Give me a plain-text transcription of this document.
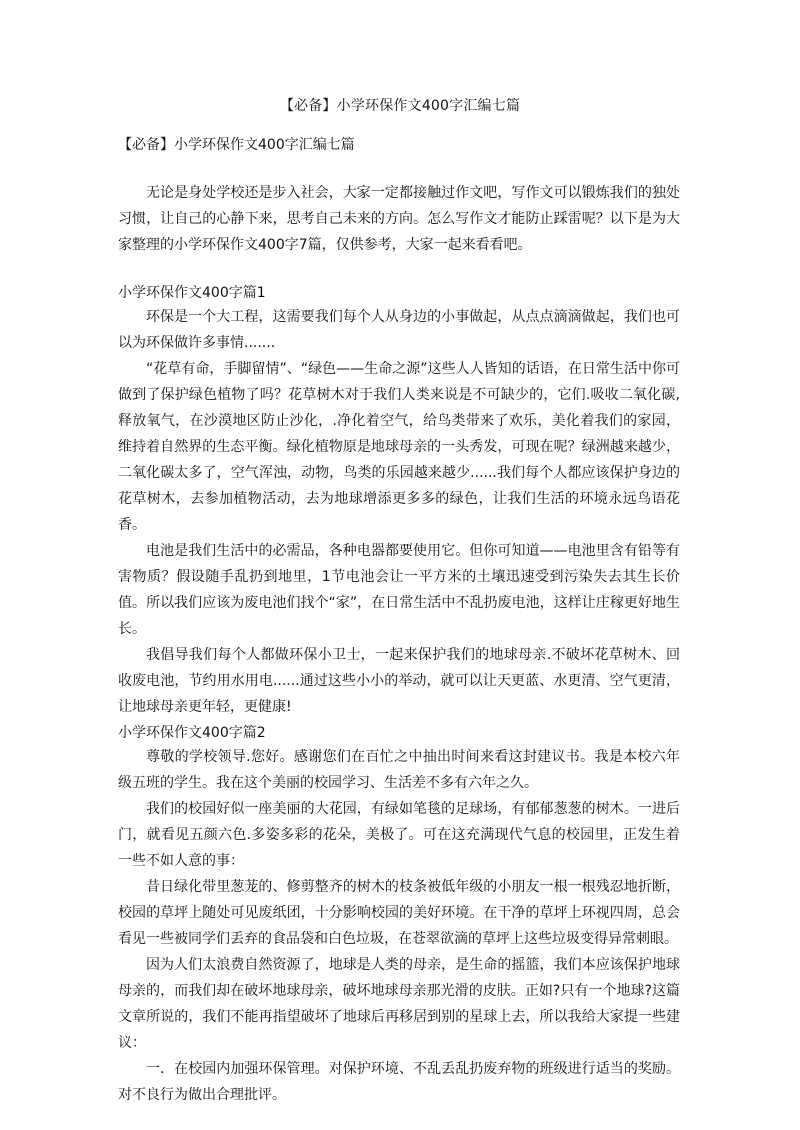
【必备】小学环保作文400字汇编七篇
【必备】小学环保作文400字汇编七篇

无论是身处学校还是步入社会，大家一定都接触过作文吧，写作文可以锻炼我们的独处习惯，让自己的心静下来，思考自己未来的方向。怎么写作文才能防止踩雷呢？以下是为大家整理的小学环保作文400字7篇，仅供参考，大家一起来看看吧。

小学环保作文400字篇1

环保是一个大工程，这需要我们每个人从身边的小事做起，从点点滴滴做起，我们也可以为环保做许多事情.......

“花草有命，手脚留情”、“绿色——生命之源”这些人人皆知的话语，在日常生活中你可做到了保护绿色植物了吗？花草树木对于我们人类来说是不可缺少的，它们.吸收二氧化碳,释放氧气，在沙漠地区防止沙化，.净化着空气，给鸟类带来了欢乐，美化着我们的家园，维持着自然界的生态平衡。绿化植物原是地球母亲的一头秀发，可现在呢？绿洲越来越少，二氧化碳太多了，空气浑浊，动物，鸟类的乐园越来越少......我们每个人都应该保护身边的花草树木，去参加植物活动，去为地球增添更多多的绿色，让我们生活的环境永远鸟语花香。

电池是我们生活中的必需品，各种电器都要使用它。但你可知道——电池里含有铅等有害物质？假设随手乱扔到地里，1节电池会让一平方米的土壤迅速受到污染失去其生长价值。所以我们应该为废电池们找个“家”，在日常生活中不乱扔废电池，这样让庄稼更好地生长。

我倡导我们每个人都做环保小卫士，一起来保护我们的地球母亲.不破坏花草树木、回收废电池，节约用水用电......通过这些小小的举动，就可以让天更蓝、水更清、空气更清，让地球母亲更年轻，更健康!

小学环保作文400字篇2

尊敬的学校领导.您好。感谢您们在百忙之中抽出时间来看这封建议书。我是本校六年级五班的学生。我在这个美丽的校园学习、生活差不多有六年之久。

我们的校园好似一座美丽的大花园，有绿如笔毯的足球场，有郁郁葱葱的树木。一进后门，就看见五颜六色.多姿多彩的花朵，美极了。可在这充满现代气息的校园里，正发生着一些不如人意的事：

昔日绿化带里葱茏的、修剪整齐的树木的枝条被低年级的小朋友一根一根残忍地折断，校园的草坪上随处可见废纸团，十分影响校园的美好环境。在干净的草坪上环视四周，总会看见一些被同学们丢弃的食品袋和白色垃圾，在苍翠欲滴的草坪上这些垃圾变得异常刺眼。

因为人们太浪费自然资源了，地球是人类的母亲，是生命的摇篮，我们本应该保护地球母亲的，而我们却在破坏地球母亲，破坏地球母亲那光滑的皮肤。正如?只有一个地球?这篇文章所说的，我们不能再指望破坏了地球后再移居到别的星球上去，所以我给大家提一些建议：

一．在校园内加强环保管理。对保护环境、不乱丢乱扔废弃物的班级进行适当的奖励。对不良行为做出合理批评。
